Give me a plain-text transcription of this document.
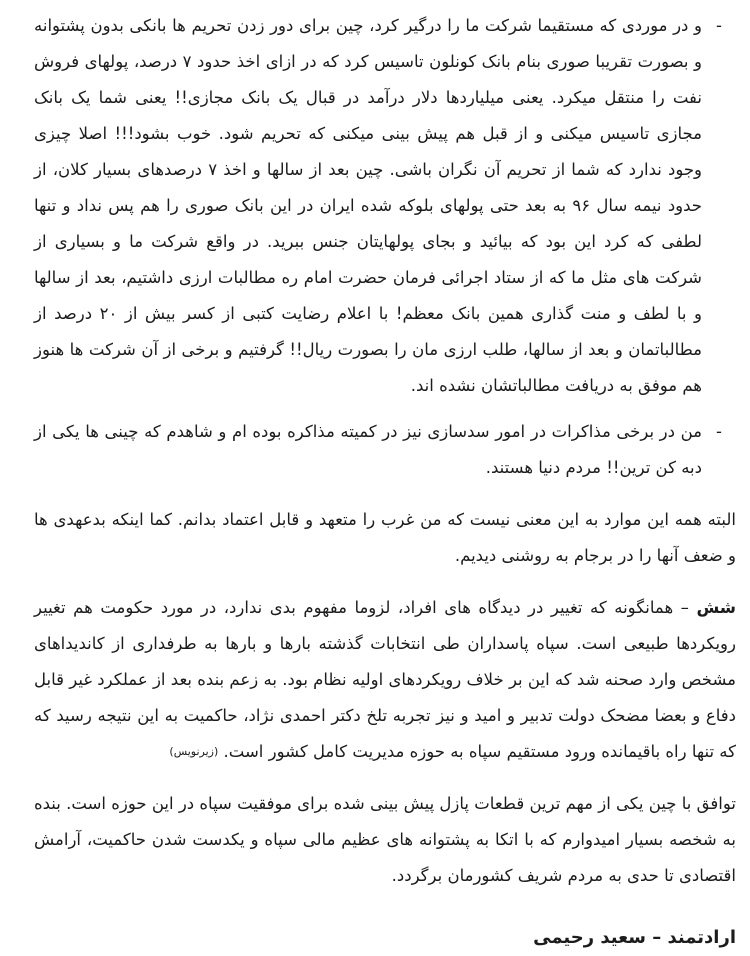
-

و در موردی که مستقیما شرکت ما را درگیر کرد، چین برای دور زدن تحریم ها بانکی بدون پشتوانه و بصورت تقریبا صوری بنام بانک کونلون تاسیس کرد که در ازای اخذ حدود ۷ درصد، پولهای فروش نفت را منتقل میکرد. یعنی میلیاردها دلار درآمد در قبال یک بانک مجازی!! یعنی شما یک بانک مجازی تاسیس میکنی و از قبل هم پیش بینی میکنی که تحریم شود. خوب بشود!!! اصلا چیزی وجود ندارد که شما از تحریم آن نگران باشی. چین بعد از سالها و اخذ ۷ درصدهای بسیار کلان، از حدود نیمه سال ۹۶ به بعد حتی پولهای بلوکه شده ایران در این بانک صوری را هم پس نداد و تنها لطفی که کرد این بود که بیائید و بجای پولهایتان جنس ببرید. در واقع شرکت ما و بسیاری از شرکت های مثل ما که از ستاد اجرائی فرمان حضرت امام ره مطالبات ارزی داشتیم، بعد از سالها و با لطف و منت گذاری همین بانک معظم! با اعلام رضایت کتبی از کسر بیش از ۲۰ درصد از مطالباتمان و بعد از سالها، طلب ارزی مان را بصورت ریال!! گرفتیم و برخی از آن شرکت ها هنوز هم موفق به دریافت مطالباتشان نشده اند.

-

من در برخی مذاکرات در امور سدسازی نیز در کمیته مذاکره بوده ام و شاهدم که چینی ها یکی از دبه کن ترین!! مردم دنیا هستند.

البته همه این موارد به این معنی نیست که من غرب را متعهد و قابل اعتماد بدانم. کما اینکه بدعهدی ها و ضعف آنها را در برجام به روشنی دیدیم.

شش – همانگونه که تغییر در دیدگاه های افراد، لزوما مفهوم بدی ندارد، در مورد حکومت هم تغییر رویکردها طبیعی است. سپاه پاسداران طی انتخابات گذشته بارها و بارها به طرفداری از کاندیداهای مشخص وارد صحنه شد که این بر خلاف رویکردهای اولیه نظام بود. به زعم بنده بعد از عملکرد غیر قابل دفاع و بعضا مضحک دولت تدبیر و امید و نیز تجربه تلخ دکتر احمدی نژاد، حاکمیت به این نتیجه رسید که که تنها راه باقیمانده ورود مستقیم سپاه به حوزه مدیریت کامل کشور است. (زیرنویس)

توافق با چین یکی از مهم ترین قطعات پازل پیش بینی شده برای موفقیت سپاه در این حوزه است. بنده به شخصه بسیار امیدوارم که با اتکا به پشتوانه های عظیم مالی سپاه و یکدست شدن حاکمیت، آرامش اقتصادی تا حدی به مردم شریف کشورمان برگردد.

ارادتمند – سعید رحیمی
